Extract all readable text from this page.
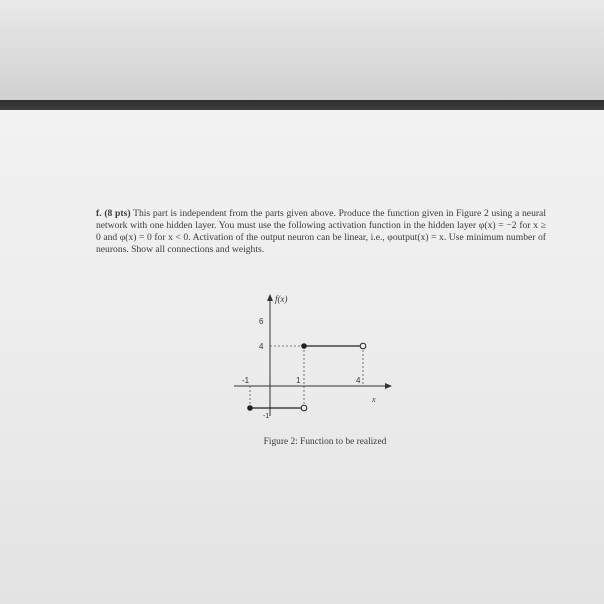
f. (8 pts) This part is independent from the parts given above. Produce the function given in Figure 2 using a neural network with one hidden layer. You must use the following activation function in the hidden layer φ(x) = −2 for x ≥ 0 and φ(x) = 0 for x < 0. Activation of the output neuron can be linear, i.e., φoutput(x) = x. Use minimum number of neurons. Show all connections and weights.
f(x)
6
4
-1
-1	1	4
x
Figure 2: Function to be realized
